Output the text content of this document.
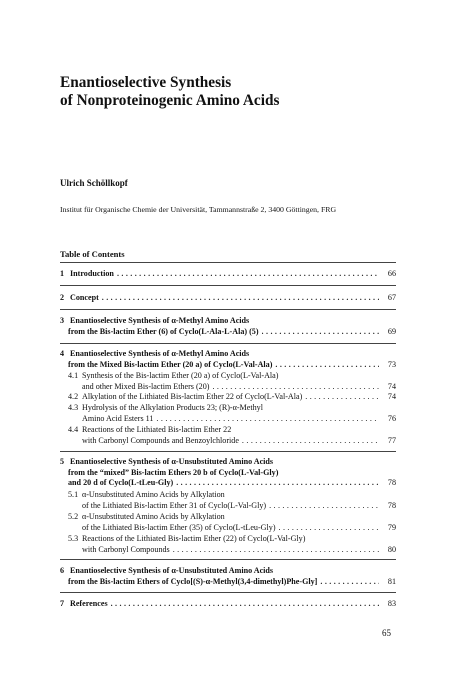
Enantioselective Synthesis
of Nonproteinogenic Amino Acids
Ulrich Schöllkopf
Institut für Organische Chemie der Universität, Tammannstraße 2, 3400 Göttingen, FRG
Table of Contents
1 Introduction . . .	66
2 Concept . . .	67
3 Enantioselective Synthesis of α-Methyl Amino Acids
from the Bis-lactim Ether (6) of Cyclo(L-Ala-L-Ala) (5) . . .	69
4 Enantioselective Synthesis of α-Methyl Amino Acids
from the Mixed Bis-lactim Ether (20 a) of Cyclo(L-Val-Ala) . . .	73
4.1 Synthesis of the Bis-lactim Ether (20 a) of Cyclo(L-Val-Ala)
and other Mixed Bis-lactim Ethers (20) . . .	74
4.2 Alkylation of the Lithiated Bis-lactim Ether 22 of Cyclo(L-Val-Ala) . . .	74
4.3 Hydrolysis of the Alkylation Products 23; (R)-α-Methyl
Amino Acid Esters 11 . . .	76
4.4 Reactions of the Lithiated Bis-lactim Ether 22
with Carbonyl Compounds and Benzoylchloride . . .	77
5 Enantioselective Synthesis of α-Unsubstituted Amino Acids
from the “mixed” Bis-lactim Ethers 20 b of Cyclo(L-Val-Gly)
and 20 d of Cyclo(L-tLeu-Gly) . . .	78
5.1 α-Unsubstituted Amino Acids by Alkylation
of the Lithiated Bis-lactim Ether 31 of Cyclo(L-Val-Gly) . . .	78
5.2 α-Unsubstituted Amino Acids by Alkylation
of the Lithiated Bis-lactim Ether (35) of Cyclo(L-tLeu-Gly) . . .	79
5.3 Reactions of the Lithiated Bis-lactim Ether (22) of Cyclo(L-Val-Gly)
with Carbonyl Compounds . . .	80
6 Enantioselective Synthesis of α-Unsubstituted Amino Acids
from the Bis-lactim Ethers of Cyclo[(S)-α-Methyl(3,4-dimethyl)Phe-Gly] . . .	81
7 References . . .	83
65
